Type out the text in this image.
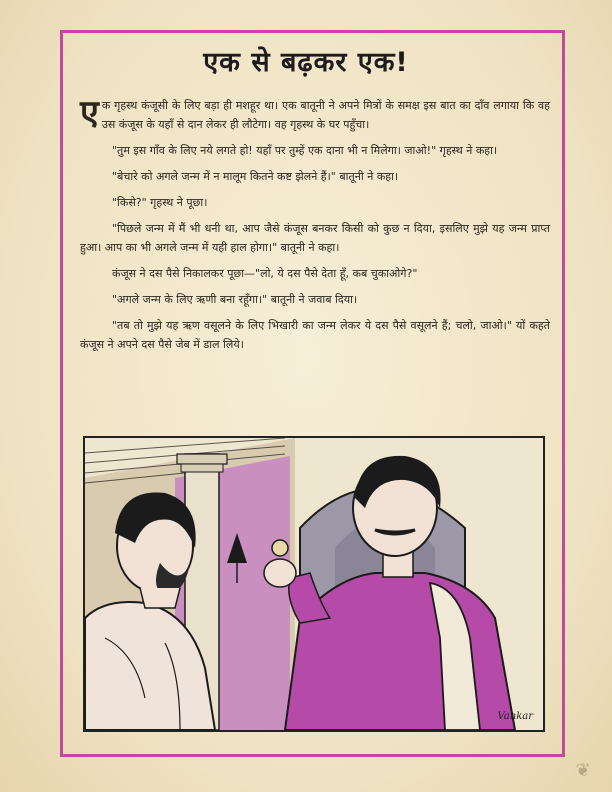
एक से बढ़कर एक!

एक गृहस्थ कंजूसी के लिए बड़ा ही मशहूर था। एक बातूनी ने अपने मित्रों के समक्ष इस बात का दाँव लगाया कि वह उस कंजूस के यहाँ से दान लेकर ही लौटेगा। वह गृहस्थ के घर पहुँचा।

"तुम इस गाँव के लिए नये लगते हो! यहाँ पर तुम्हें एक दाना भी न मिलेगा। जाओ!" गृहस्थ ने कहा।

"बेचारे को अगले जन्म में न मालूम कितने कष्ट झेलने हैं।" बातूनी ने कहा।

"किसे?" गृहस्थ ने पूछा।

"पिछले जन्म में मैं भी धनी था, आप जैसे कंजूस बनकर किसी को कुछ न दिया, इसलिए मुझे यह जन्म प्राप्त हुआ। आप का भी अगले जन्म में यही हाल होगा।" बातूनी ने कहा।

कंजूस ने दस पैसे निकालकर पूछा—"लो, ये दस पैसे देता हूँ, कब चुकाओगे?"

"अगले जन्म के लिए ऋणी बना रहूँगा।" बातूनी ने जवाब दिया।

"तब तो मुझे यह ऋण वसूलने के लिए भिखारी का जन्म लेकर ये दस पैसे वसूलने हैं; चलो, जाओ।" यों कहते कंजूस ने अपने दस पैसे जेब में डाल लिये।

Vankar
❦
